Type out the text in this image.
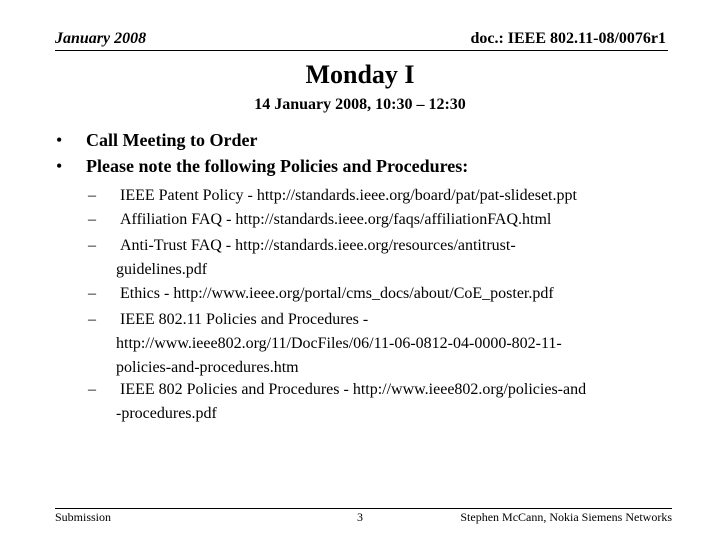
January 2008	doc.: IEEE 802.11-08/0076r1
Monday I
14 January 2008, 10:30 – 12:30
• Call Meeting to Order
• Please note the following Policies and Procedures:
– IEEE Patent Policy - http://standards.ieee.org/board/pat/pat-slideset.ppt
– Affiliation FAQ - http://standards.ieee.org/faqs/affiliationFAQ.html
– Anti-Trust FAQ - http://standards.ieee.org/resources/antitrust-
guidelines.pdf
– Ethics - http://www.ieee.org/portal/cms_docs/about/CoE_poster.pdf
– IEEE 802.11 Policies and Procedures -
http://www.ieee802.org/11/DocFiles/06/11-06-0812-04-0000-802-11-
policies-and-procedures.htm
– IEEE 802 Policies and Procedures - http://www.ieee802.org/policies-and
-procedures.pdf
Submission	3	Stephen McCann, Nokia Siemens Networks
